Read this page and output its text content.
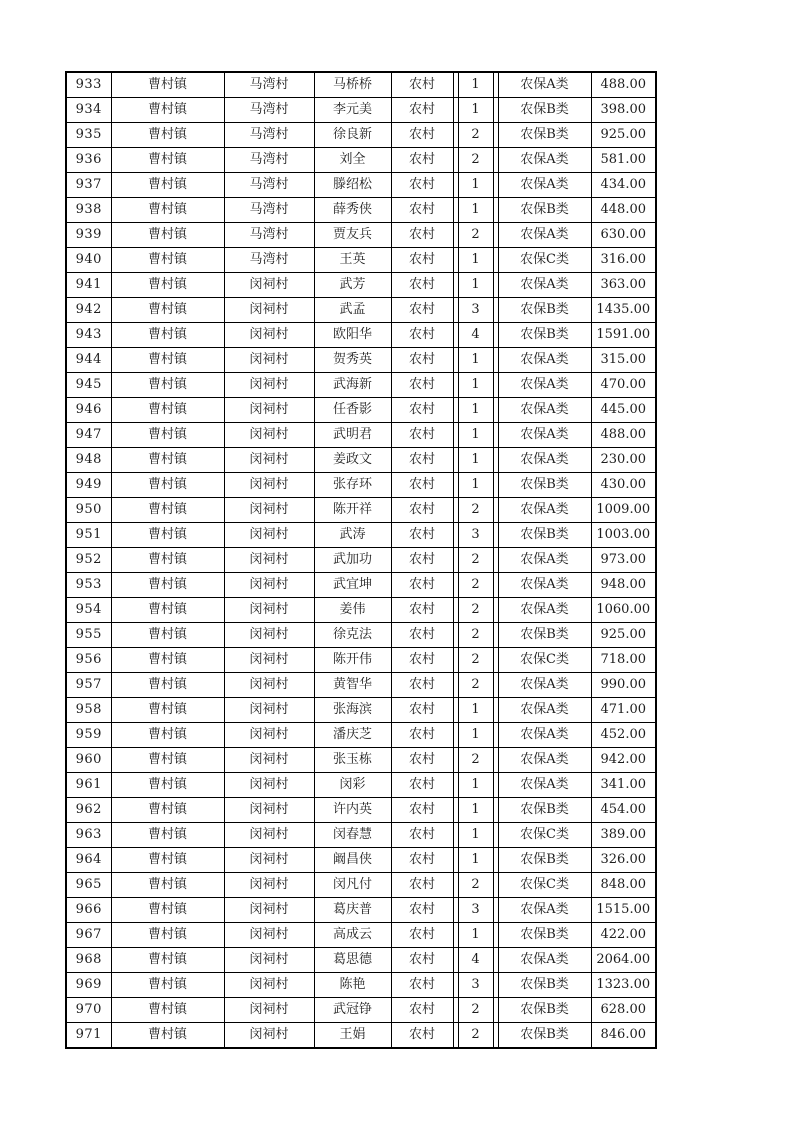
933	曹村镇	马湾村	马桥桥	农村		1		农保A类	488.00
934	曹村镇	马湾村	李元美	农村		1		农保B类	398.00
935	曹村镇	马湾村	徐良新	农村		2		农保B类	925.00
936	曹村镇	马湾村	刘全	农村		2		农保A类	581.00
937	曹村镇	马湾村	滕绍松	农村		1		农保A类	434.00
938	曹村镇	马湾村	薛秀侠	农村		1		农保B类	448.00
939	曹村镇	马湾村	贾友兵	农村		2		农保A类	630.00
940	曹村镇	马湾村	王英	农村		1		农保C类	316.00
941	曹村镇	闵祠村	武芳	农村		1		农保A类	363.00
942	曹村镇	闵祠村	武孟	农村		3		农保B类	1435.00
943	曹村镇	闵祠村	欧阳华	农村		4		农保B类	1591.00
944	曹村镇	闵祠村	贺秀英	农村		1		农保A类	315.00
945	曹村镇	闵祠村	武海新	农村		1		农保A类	470.00
946	曹村镇	闵祠村	任香影	农村		1		农保A类	445.00
947	曹村镇	闵祠村	武明君	农村		1		农保A类	488.00
948	曹村镇	闵祠村	姜政文	农村		1		农保A类	230.00
949	曹村镇	闵祠村	张存环	农村		1		农保B类	430.00
950	曹村镇	闵祠村	陈开祥	农村		2		农保A类	1009.00
951	曹村镇	闵祠村	武涛	农村		3		农保B类	1003.00
952	曹村镇	闵祠村	武加功	农村		2		农保A类	973.00
953	曹村镇	闵祠村	武宜坤	农村		2		农保A类	948.00
954	曹村镇	闵祠村	姜伟	农村		2		农保A类	1060.00
955	曹村镇	闵祠村	徐克法	农村		2		农保B类	925.00
956	曹村镇	闵祠村	陈开伟	农村		2		农保C类	718.00
957	曹村镇	闵祠村	黄智华	农村		2		农保A类	990.00
958	曹村镇	闵祠村	张海滨	农村		1		农保A类	471.00
959	曹村镇	闵祠村	潘庆芝	农村		1		农保A类	452.00
960	曹村镇	闵祠村	张玉栋	农村		2		农保A类	942.00
961	曹村镇	闵祠村	闵彩	农村		1		农保A类	341.00
962	曹村镇	闵祠村	许内英	农村		1		农保B类	454.00
963	曹村镇	闵祠村	闵春慧	农村		1		农保C类	389.00
964	曹村镇	闵祠村	阚昌侠	农村		1		农保B类	326.00
965	曹村镇	闵祠村	闵凡付	农村		2		农保C类	848.00
966	曹村镇	闵祠村	葛庆普	农村		3		农保A类	1515.00
967	曹村镇	闵祠村	高成云	农村		1		农保B类	422.00
968	曹村镇	闵祠村	葛思德	农村		4		农保A类	2064.00
969	曹村镇	闵祠村	陈艳	农村		3		农保B类	1323.00
970	曹村镇	闵祠村	武冠铮	农村		2		农保B类	628.00
971	曹村镇	闵祠村	王娟	农村		2		农保B类	846.00
